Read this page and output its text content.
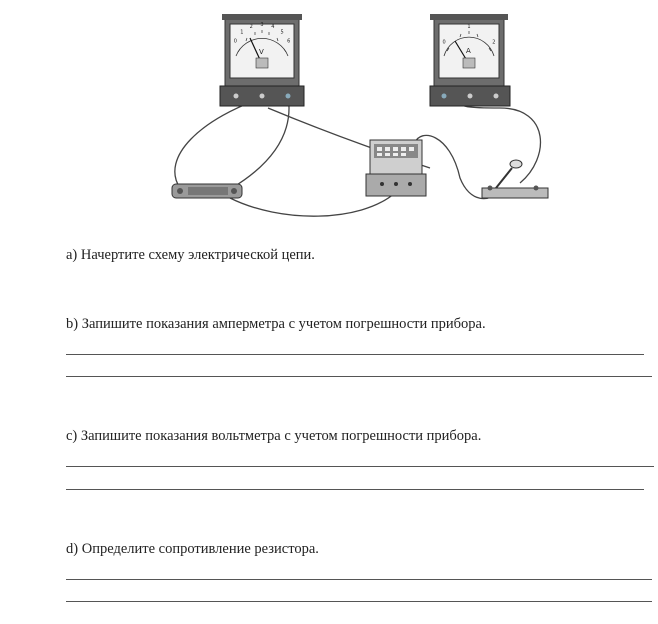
V	A
0
1
2 3 4
5
6	0
1
2
a) Начертите схему электрической цепи.
b) Запишите показания амперметра с учетом погрешности прибора.
c) Запишите показания вольтметра с учетом погрешности прибора.
d) Определите сопротивление резистора.
